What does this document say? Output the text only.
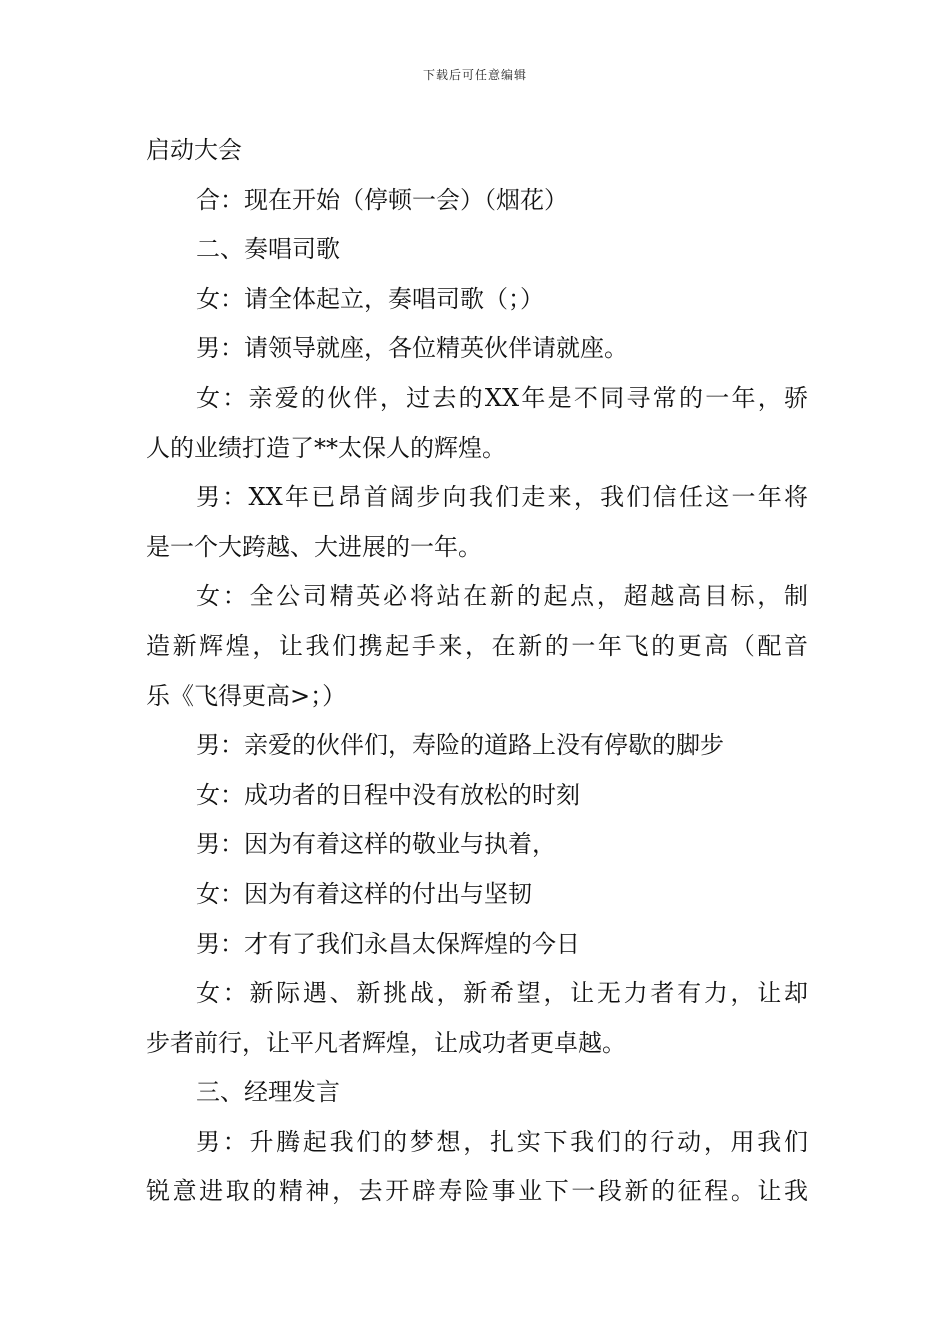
下载后可任意编辑
启动大会
合：现在开始（停顿一会）（烟花）
二、奏唱司歌
女：请全体起立，奏唱司歌（；）
男：请领导就座，各位精英伙伴请就座。
女：亲爱的伙伴，过去的XX年是不同寻常的一年，骄
人的业绩打造了**太保人的辉煌。
男：XX年已昂首阔步向我们走来，我们信任这一年将
是一个大跨越、大进展的一年。
女：全公司精英必将站在新的起点，超越高目标，制
造新辉煌，让我们携起手来，在新的一年飞的更高（配音
乐《飞得更高>；）
男：亲爱的伙伴们，寿险的道路上没有停歇的脚步
女：成功者的日程中没有放松的时刻
男：因为有着这样的敬业与执着，
女：因为有着这样的付出与坚韧
男：才有了我们永昌太保辉煌的今日
女：新际遇、新挑战，新希望，让无力者有力，让却
步者前行，让平凡者辉煌，让成功者更卓越。
三、经理发言
男：升腾起我们的梦想，扎实下我们的行动，用我们
锐意进取的精神，去开辟寿险事业下一段新的征程。让我
